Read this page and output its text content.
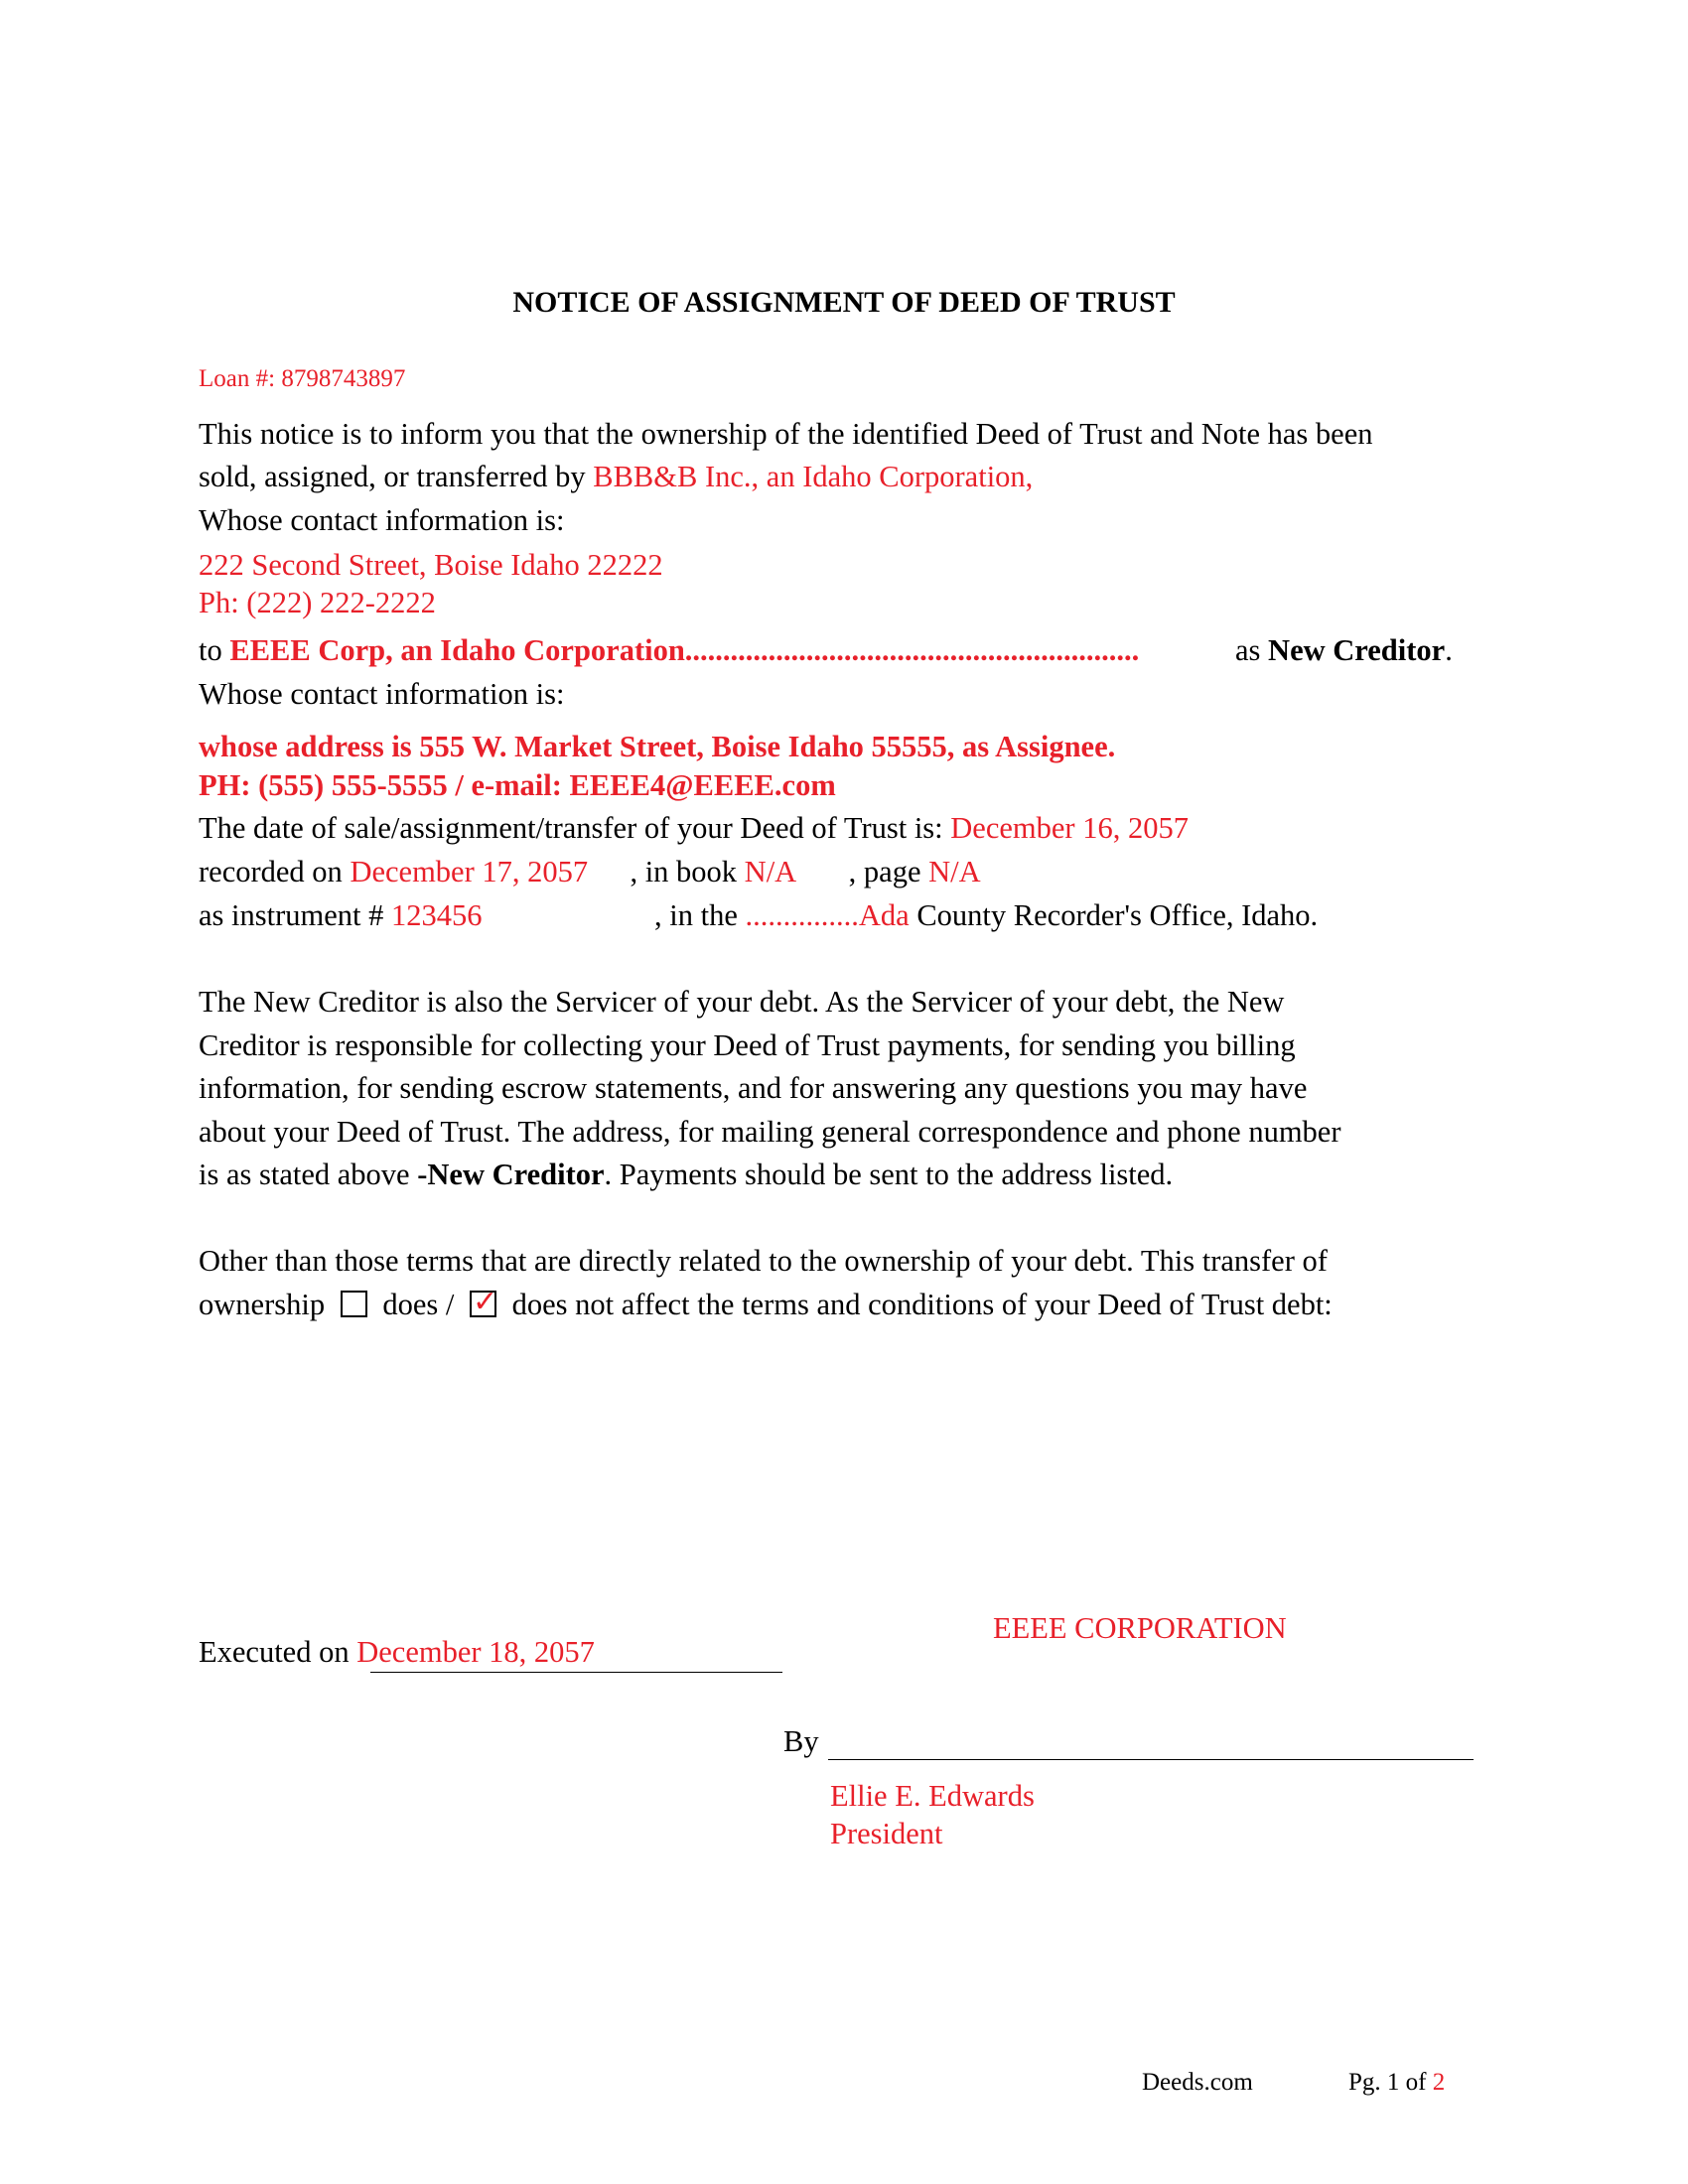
NOTICE OF ASSIGNMENT OF DEED OF TRUST
Loan #: 8798743897
This notice is to inform you that the ownership of the identified Deed of Trust and Note has been
sold, assigned, or transferred by BBB&B Inc., an Idaho Corporation,
Whose contact information is:
222 Second Street, Boise Idaho 22222
Ph: (222) 222-2222
to EEEE Corp, an Idaho Corporation............................................................	as New Creditor.
Whose contact information is:
whose address is 555 W. Market Street, Boise Idaho 55555, as Assignee.
PH: (555) 555-5555 / e-mail: EEEE4@EEEE.com
The date of sale/assignment/transfer of your Deed of Trust is: December 16, 2057
recorded on December 17, 2057 , in book N/A , page N/A
as instrument # 123456	, in the ...............Ada County Recorder's Office, Idaho.
The New Creditor is also the Servicer of your debt. As the Servicer of your debt, the New
Creditor is responsible for collecting your Deed of Trust payments, for sending you billing
information, for sending escrow statements, and for answering any questions you may have
about your Deed of Trust. The address, for mailing general correspondence and phone number
is as stated above -New Creditor. Payments should be sent to the address listed.
Other than those terms that are directly related to the ownership of your debt. This transfer of
ownership does / ✓ does not affect the terms and conditions of your Deed of Trust debt:
EEEE CORPORATION
Executed on December 18, 2057
By
Ellie E. Edwards
President
Deeds.com	Pg. 1 of 2
